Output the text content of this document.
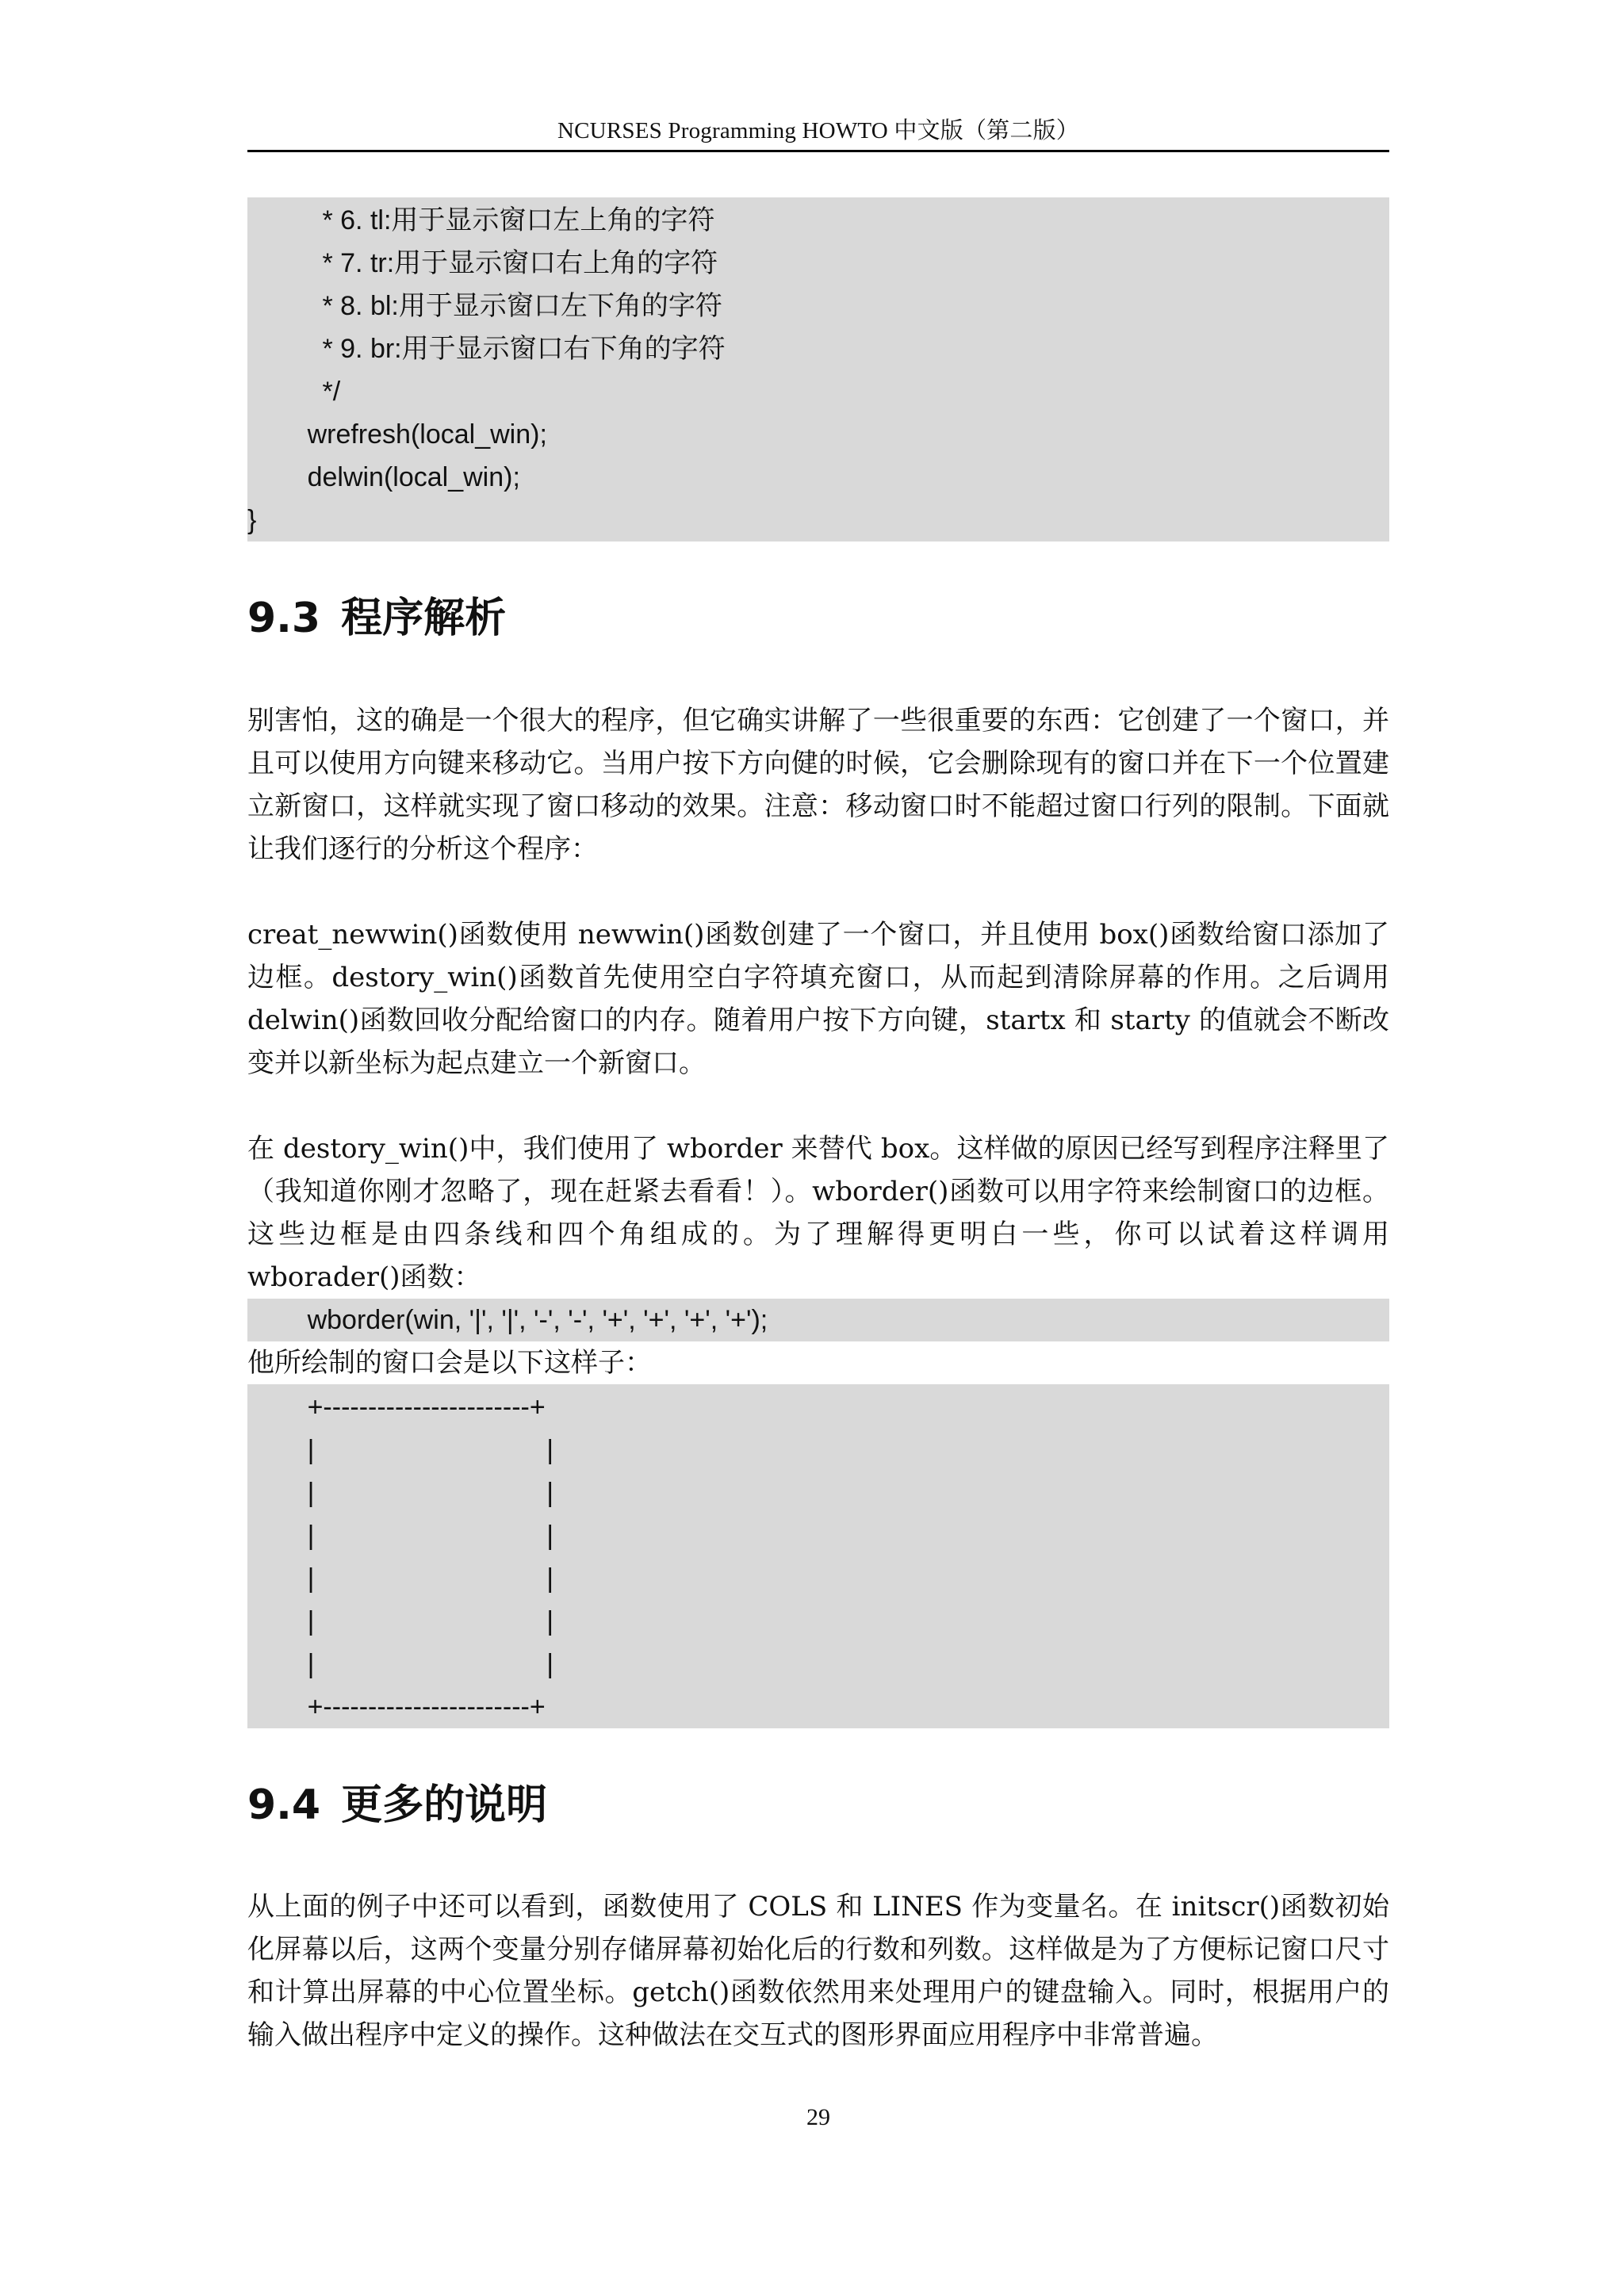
NCURSES Programming HOWTO 中文版（第二版）
* 6. tl:用于显示窗口左上角的字符
* 7. tr:用于显示窗口右上角的字符
* 8. bl:用于显示窗口左下角的字符
* 9. br:用于显示窗口右下角的字符
*/
wrefresh(local_win);
delwin(local_win);
}
9.3 程序解析

别害怕，这的确是一个很大的程序，但它确实讲解了一些很重要的东西：它创建了一个窗口，并且可以使用方向键来移动它。当用户按下方向健的时候，它会删除现有的窗口并在下一个位置建立新窗口，这样就实现了窗口移动的效果。注意：移动窗口时不能超过窗口行列的限制。下面就让我们逐行的分析这个程序：

creat_newwin()函数使用 newwin()函数创建了一个窗口，并且使用 box()函数给窗口添加了边框。destory_win()函数首先使用空白字符填充窗口，从而起到清除屏幕的作用。之后调用 delwin()函数回收分配给窗口的内存。随着用户按下方向键，startx 和 starty 的值就会不断改变并以新坐标为起点建立一个新窗口。

在 destory_win()中，我们使用了 wborder 来替代 box。这样做的原因已经写到程序注释里了（我知道你刚才忽略了，现在赶紧去看看！）。wborder()函数可以用字符来绘制窗口的边框。这些边框是由四条线和四个角组成的。为了理解得更明白一些，你可以试着这样调用 wborader()函数：

wborder(win, '|', '|', '-', '-', '+', '+', '+', '+');

他所绘制的窗口会是以下这样子：

+-----------------------+
|                               |
|                               |
|                               |
|                               |
|                               |
|                               |
+-----------------------+
9.4 更多的说明

从上面的例子中还可以看到，函数使用了 COLS 和 LINES 作为变量名。在 initscr()函数初始化屏幕以后，这两个变量分别存储屏幕初始化后的行数和列数。这样做是为了方便标记窗口尺寸和计算出屏幕的中心位置坐标。getch()函数依然用来处理用户的键盘输入。同时，根据用户的输入做出程序中定义的操作。这种做法在交互式的图形界面应用程序中非常普遍。

29
